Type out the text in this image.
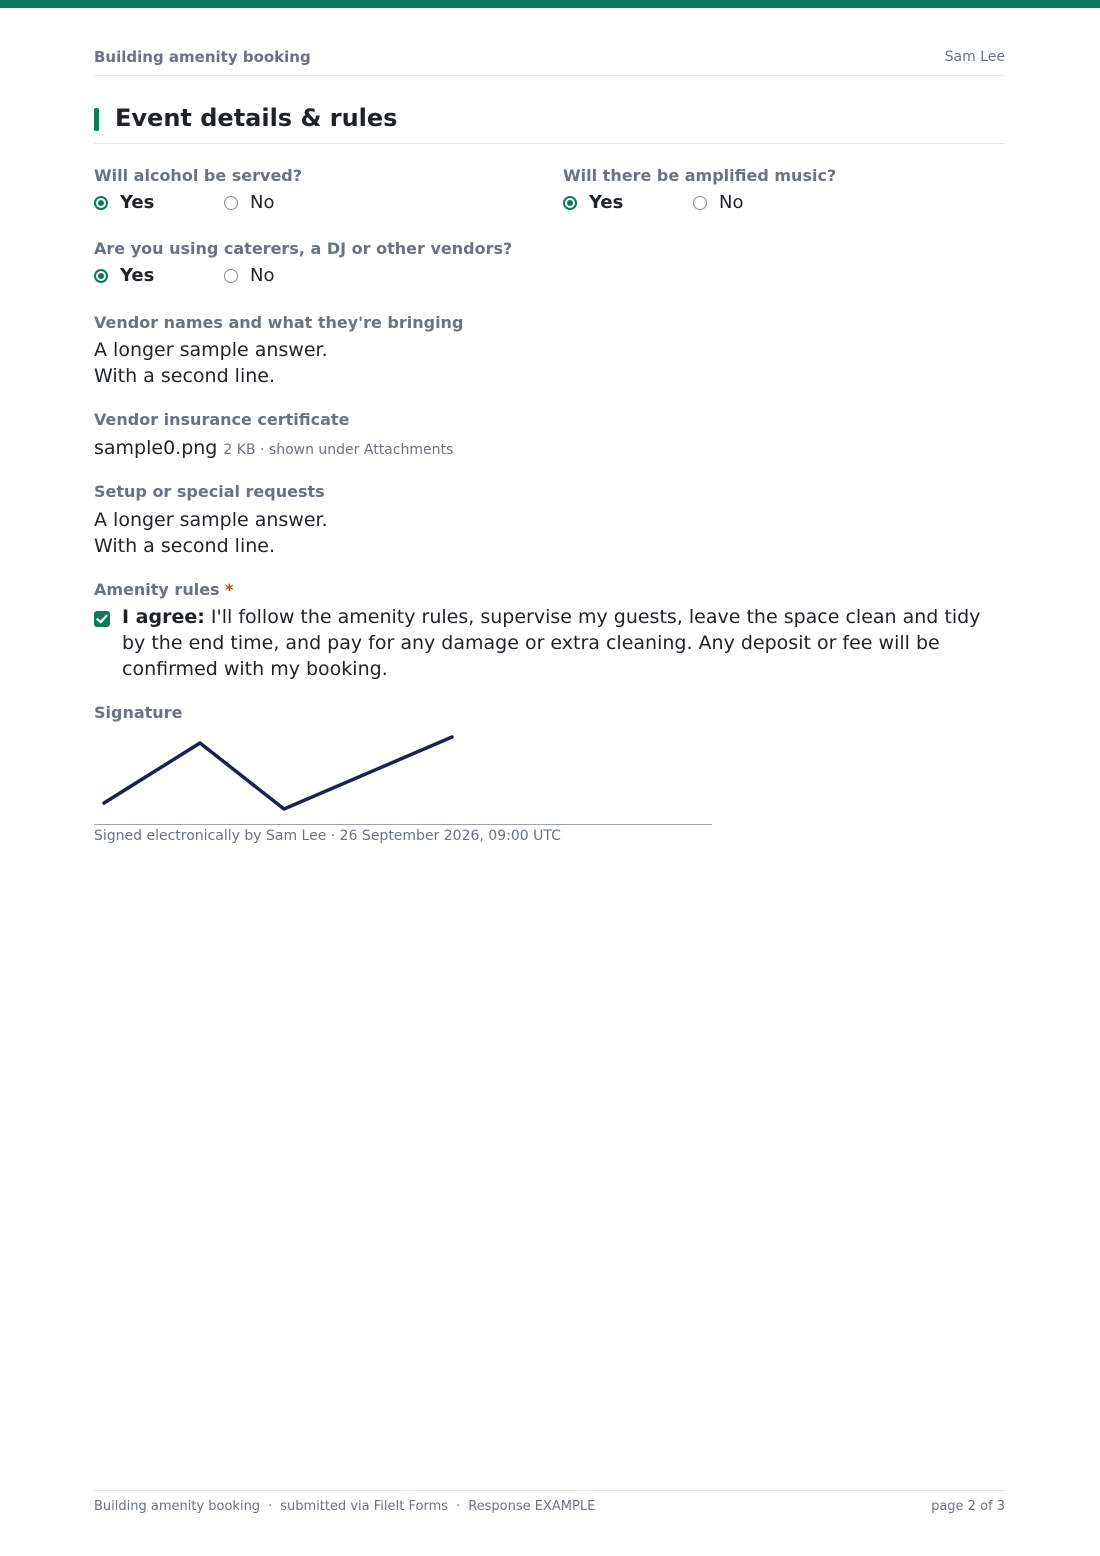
Building amenity booking	Sam Lee
Event details & rules
Will alcohol be served?
Yes	No
Will there be amplified music?
Yes	No
Are you using caterers, a DJ or other vendors?
Yes	No
Vendor names and what they're bringing
A longer sample answer.
With a second line.
Vendor insurance certificate
sample0.png 2 KB · shown under Attachments
Setup or special requests
A longer sample answer.
With a second line.
Amenity rules *
I agree: I'll follow the amenity rules, supervise my guests, leave the space clean and tidy by the end time, and pay for any damage or extra cleaning. Any deposit or fee will be confirmed with my booking.
Signature
Signed electronically by Sam Lee · 26 September 2026, 09:00 UTC
Building amenity booking · submitted via FileIt Forms · Response EXAMPLE	page 2 of 3
